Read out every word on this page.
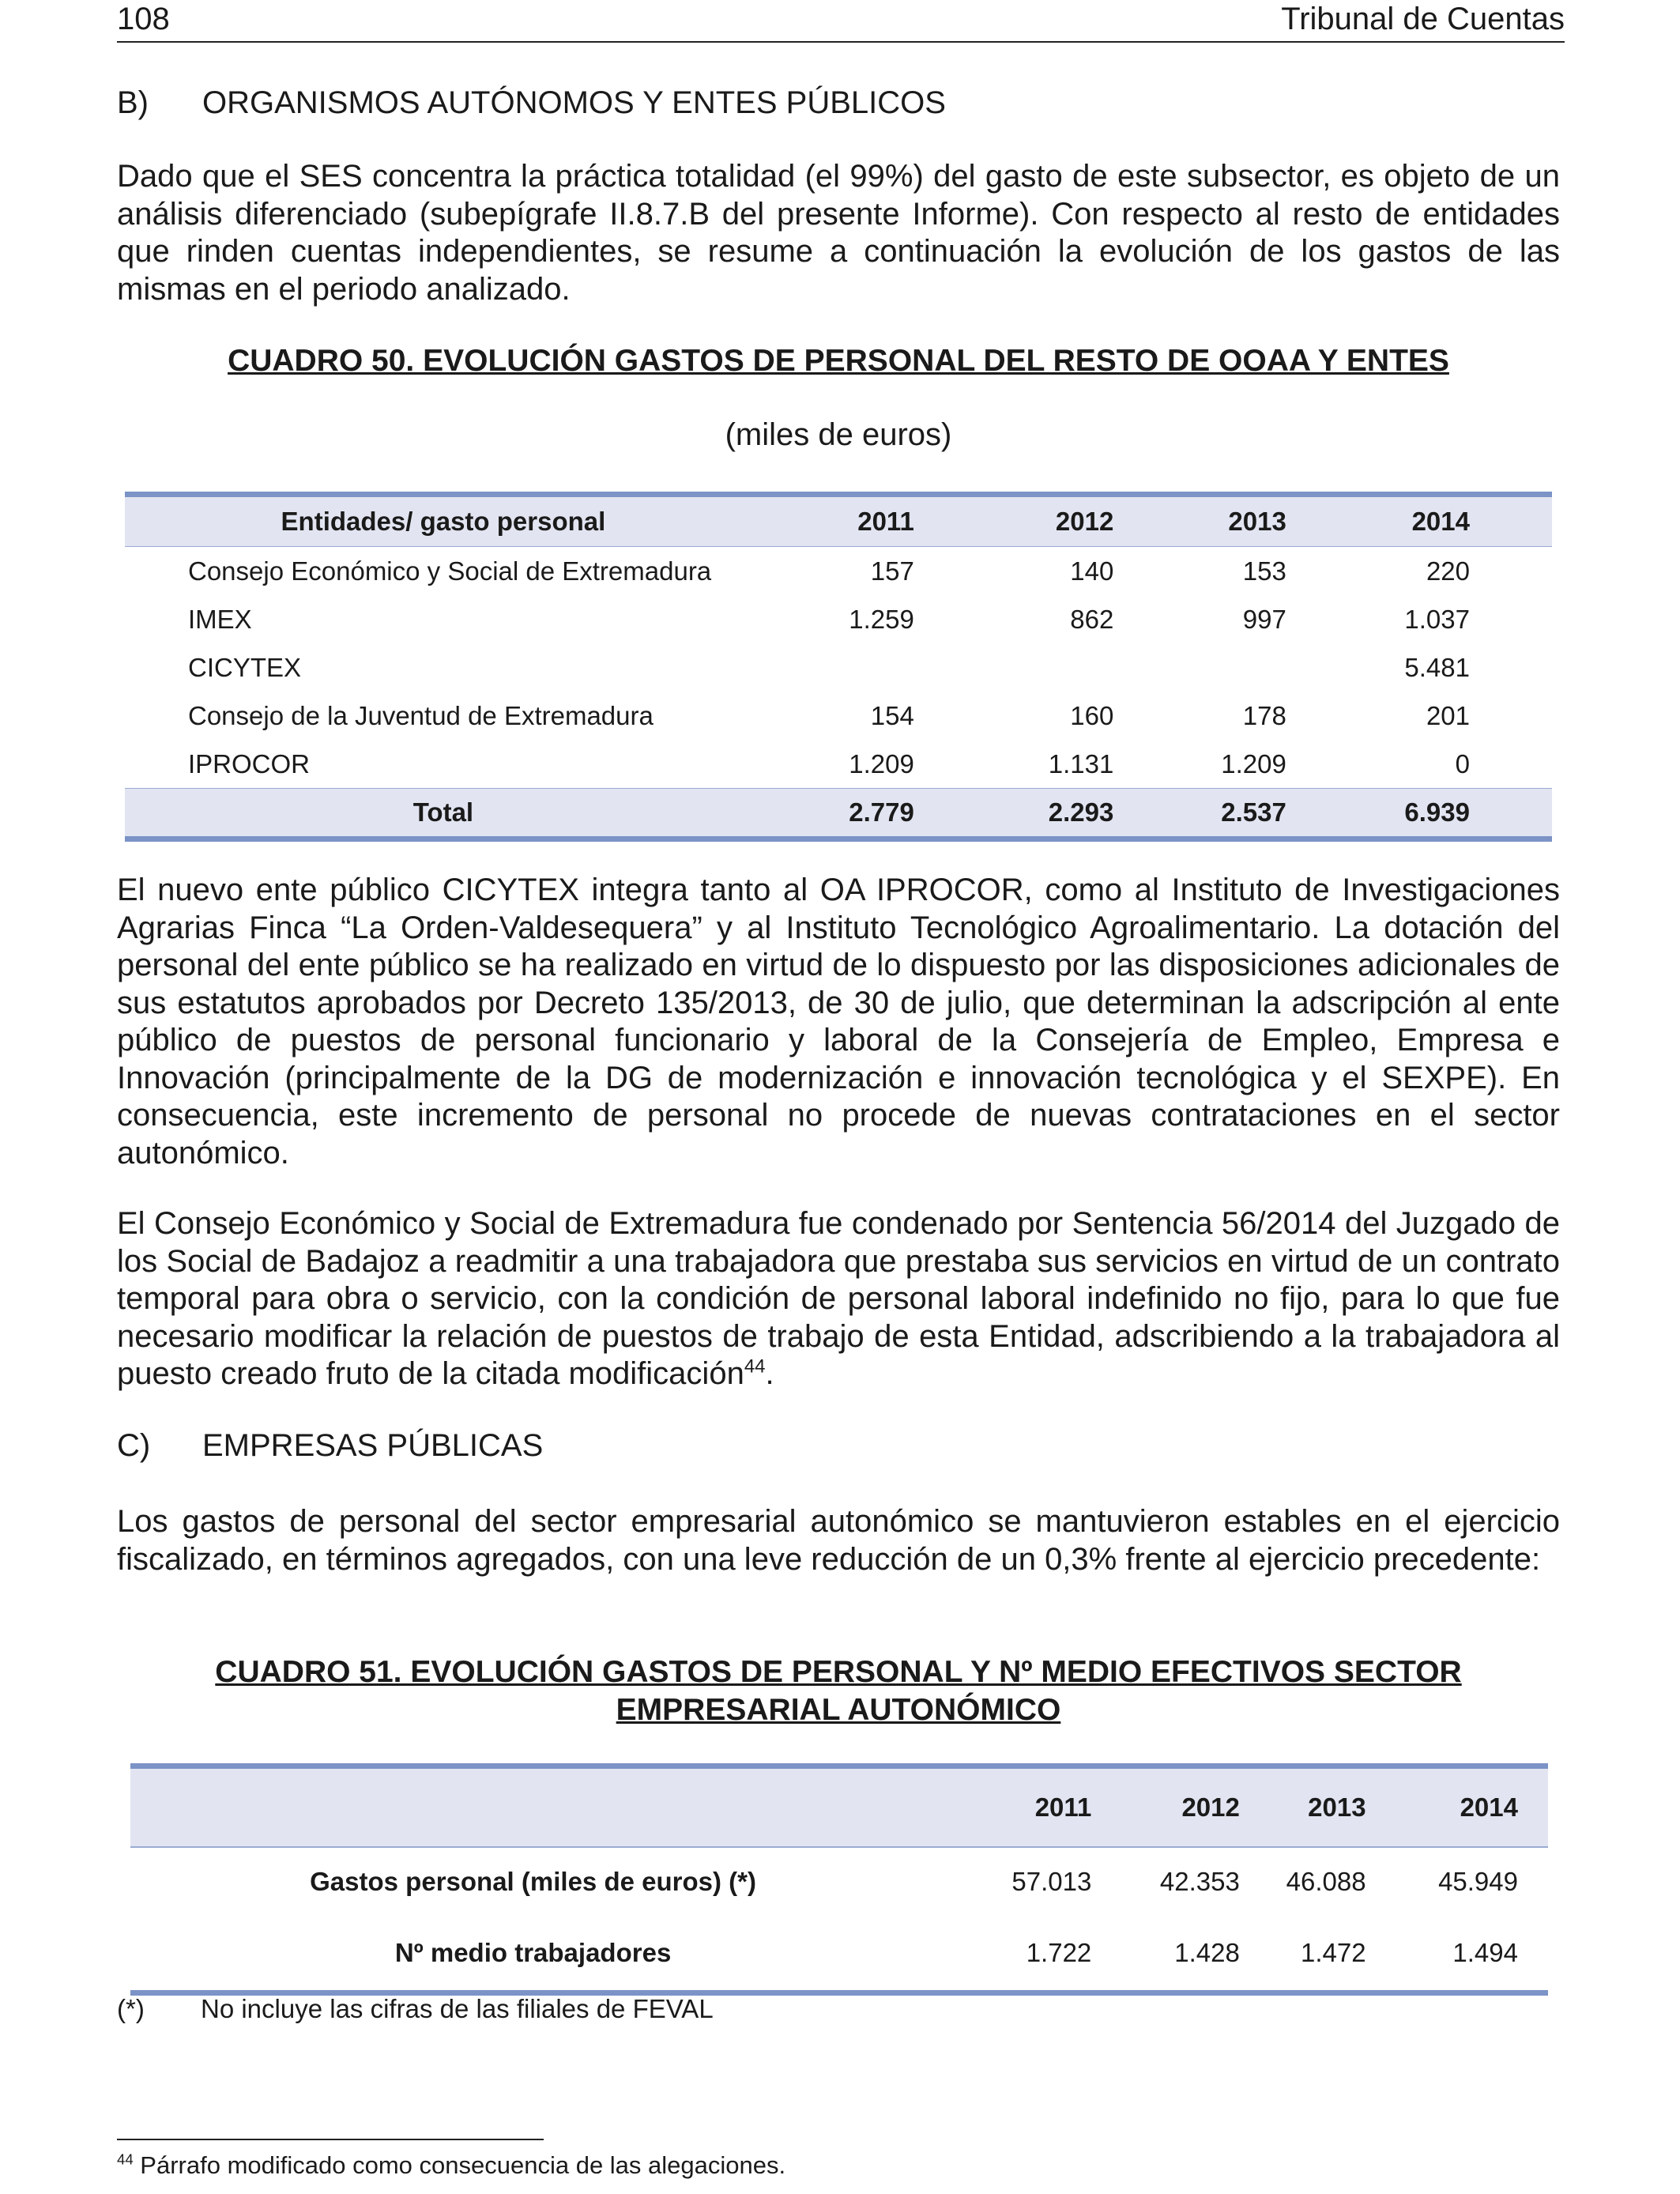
108	Tribunal de Cuentas
B) ORGANISMOS AUTÓNOMOS Y ENTES PÚBLICOS
Dado que el SES concentra la práctica totalidad (el 99%) del gasto de este subsector, es objeto de un análisis diferenciado (subepígrafe II.8.7.B del presente Informe). Con respecto al resto de entidades que rinden cuentas independientes, se resume a continuación la evolución de los gastos de las mismas en el periodo analizado.
CUADRO 50. EVOLUCIÓN GASTOS DE PERSONAL DEL RESTO DE OOAA Y ENTES
(miles de euros)
Entidades/ gasto personal	2011	2012	2013	2014
Consejo Económico y Social de Extremadura	157	140	153	220
IMEX	1.259	862	997	1.037
CICYTEX				5.481
Consejo de la Juventud de Extremadura	154	160	178	201
IPROCOR	1.209	1.131	1.209	0
Total	2.779	2.293	2.537	6.939
El nuevo ente público CICYTEX integra tanto al OA IPROCOR, como al Instituto de Investigaciones Agrarias Finca “La Orden-Valdesequera” y al Instituto Tecnológico Agroalimentario. La dotación del personal del ente público se ha realizado en virtud de lo dispuesto por las disposiciones adicionales de sus estatutos aprobados por Decreto 135/2013, de 30 de julio, que determinan la adscripción al ente público de puestos de personal funcionario y laboral de la Consejería de Empleo, Empresa e Innovación (principalmente de la DG de modernización e innovación tecnológica y el SEXPE). En consecuencia, este incremento de personal no procede de nuevas contrataciones en el sector autonómico.
El Consejo Económico y Social de Extremadura fue condenado por Sentencia 56/2014 del Juzgado de los Social de Badajoz a readmitir a una trabajadora que prestaba sus servicios en virtud de un contrato temporal para obra o servicio, con la condición de personal laboral indefinido no fijo, para lo que fue necesario modificar la relación de puestos de trabajo de esta Entidad, adscribiendo a la trabajadora al puesto creado fruto de la citada modificación$^{44}$.
C) EMPRESAS PÚBLICAS
Los gastos de personal del sector empresarial autonómico se mantuvieron estables en el ejercicio fiscalizado, en términos agregados, con una leve reducción de un 0,3% frente al ejercicio precedente:
CUADRO 51. EVOLUCIÓN GASTOS DE PERSONAL Y Nº MEDIO EFECTIVOS SECTOR
EMPRESARIAL AUTONÓMICO
	2011	2012	2013	2014
Gastos personal (miles de euros) (*)	57.013	42.353	46.088	45.949
Nº medio trabajadores	1.722	1.428	1.472	1.494
(*) No incluye las cifras de las filiales de FEVAL
$^{44}$ Párrafo modificado como consecuencia de las alegaciones.
